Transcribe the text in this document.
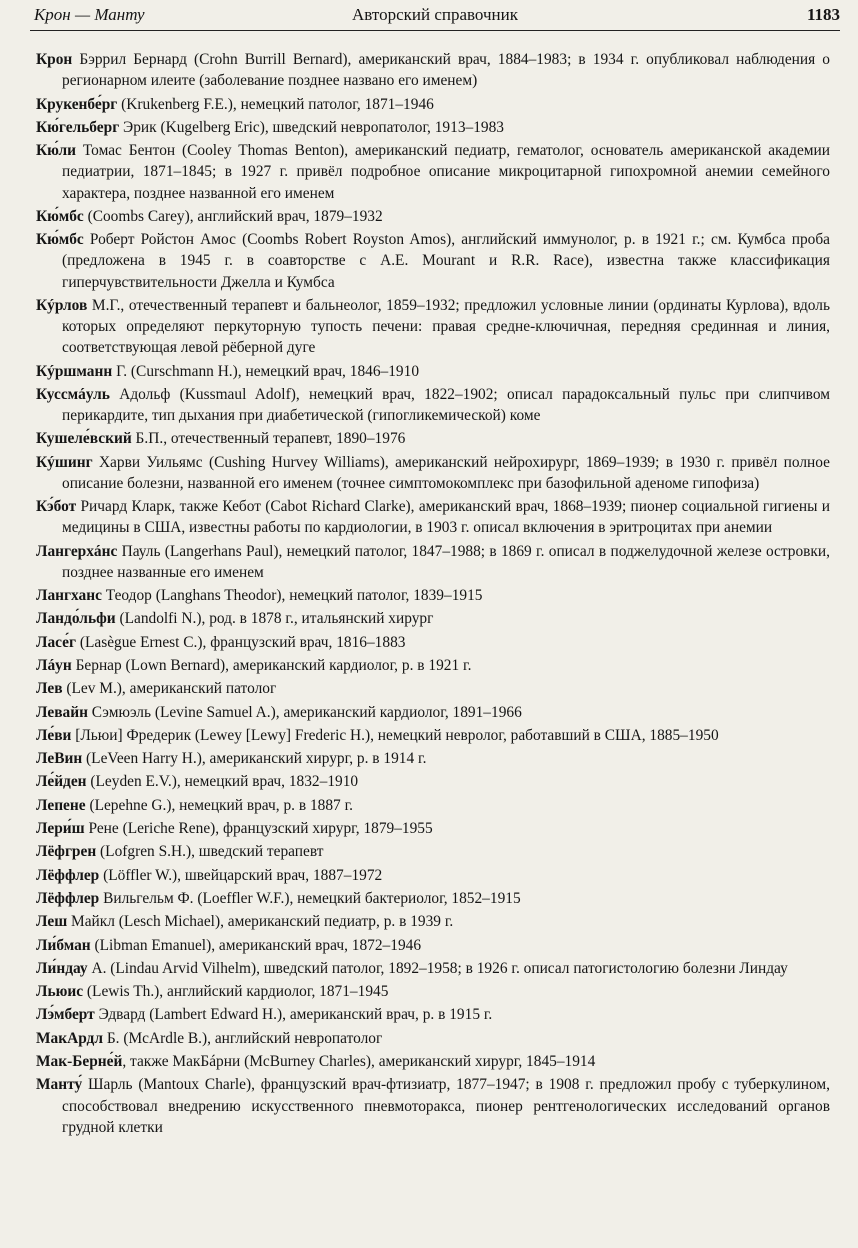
Крон — Манту	Авторский справочник	1183

Крон Бэррил Бернард (Crohn Burrill Bernard), американский врач, 1884–1983; в 1934 г. опубликовал наблюдения о регионарном илеите (заболевание позднее названо его именем)

Крукенбе́рг (Krukenberg F.E.), немецкий патолог, 1871–1946

Кю́гельберг Эрик (Kugelberg Eric), шведский невропатолог, 1913–1983

Кю́ли Томас Бентон (Cooley Thomas Benton), американский педиатр, гематолог, основатель американской академии педиатрии, 1871–1845; в 1927 г. привёл подробное описание микроцитарной гипохромной анемии семейного характера, позднее названной его именем

Кю́мбс (Coombs Carey), английский врач, 1879–1932

Кю́мбс Роберт Ройстон Амос (Coombs Robert Royston Amos), английский иммунолог, р. в 1921 г.; см. Кумбса проба (предложена в 1945 г. в соавторстве с A.E. Mourant и R.R. Race), известна также классификация гиперчувствительности Джелла и Кумбса

Кýрлов М.Г., отечественный терапевт и бальнеолог, 1859–1932; предложил условные линии (ординаты Курлова), вдоль которых определяют перкуторную тупость печени: правая средне-ключичная, передняя срединная и линия, соответствующая левой рёберной дуге

Кýршманн Г. (Curschmann H.), немецкий врач, 1846–1910

Куссмáуль Адольф (Kussmaul Adolf), немецкий врач, 1822–1902; описал парадоксальный пульс при слипчивом перикардите, тип дыхания при диабетической (гипогликемической) коме

Кушеле́вский Б.П., отечественный терапевт, 1890–1976

Кýшинг Харви Уильямс (Cushing Hurvey Williams), американский нейрохирург, 1869–1939; в 1930 г. привёл полное описание болезни, названной его именем (точнее симптомокомплекс при базофильной аденоме гипофиза)

Кэ́бот Ричард Кларк, также Кебот (Cabot Richard Clarke), американский врач, 1868–1939; пионер социальной гигиены и медицины в США, известны работы по кардиологии, в 1903 г. описал включения в эритроцитах при анемии

Лангерхáнс Пауль (Langerhans Paul), немецкий патолог, 1847–1988; в 1869 г. описал в поджелудочной железе островки, позднее названные его именем

Лангханс Теодор (Langhans Theodor), немецкий патолог, 1839–1915

Ландо́льфи (Landolfi N.), род. в 1878 г., итальянский хирург

Ласе́г (Lasègue Ernest C.), французский врач, 1816–1883

Лáун Бернар (Lown Bernard), американский кардиолог, р. в 1921 г.

Лев (Lev M.), американский патолог

Левайн Сэмюэль (Levine Samuel A.), американский кардиолог, 1891–1966

Ле́ви [Льюи] Фредерик (Lewey [Lewy] Frederic H.), немецкий невролог, работавший в США, 1885–1950

ЛеВин (LeVeen Harry H.), американский хирург, р. в 1914 г.

Ле́йден (Leyden E.V.), немецкий врач, 1832–1910

Лепене (Lepehne G.), немецкий врач, р. в 1887 г.

Лери́ш Рене (Leriche Rene), французский хирург, 1879–1955

Лёфгрен (Lofgren S.H.), шведский терапевт

Лёффлер (Löffler W.), швейцарский врач, 1887–1972

Лёффлер Вильгельм Ф. (Loeffler W.F.), немецкий бактериолог, 1852–1915

Леш Майкл (Lesch Michael), американский педиатр, р. в 1939 г.

Ли́бман (Libman Emanuel), американский врач, 1872–1946

Ли́ндау А. (Lindau Arvid Vilhelm), шведский патолог, 1892–1958; в 1926 г. описал патогистологию болезни Линдау

Льюис (Lewis Th.), английский кардиолог, 1871–1945

Лэ́мберт Эдвард (Lambert Edward H.), американский врач, р. в 1915 г.

МакАрдл Б. (McArdle B.), английский невропатолог

Мак-Берне́й, также МакБáрни (McBurney Charles), американский хирург, 1845–1914

Манту́ Шарль (Mantoux Charle), французский врач-фтизиатр, 1877–1947; в 1908 г. предложил пробу с туберкулином, способствовал внедрению искусственного пневмоторакса, пионер рентгенологических исследований органов грудной клетки
